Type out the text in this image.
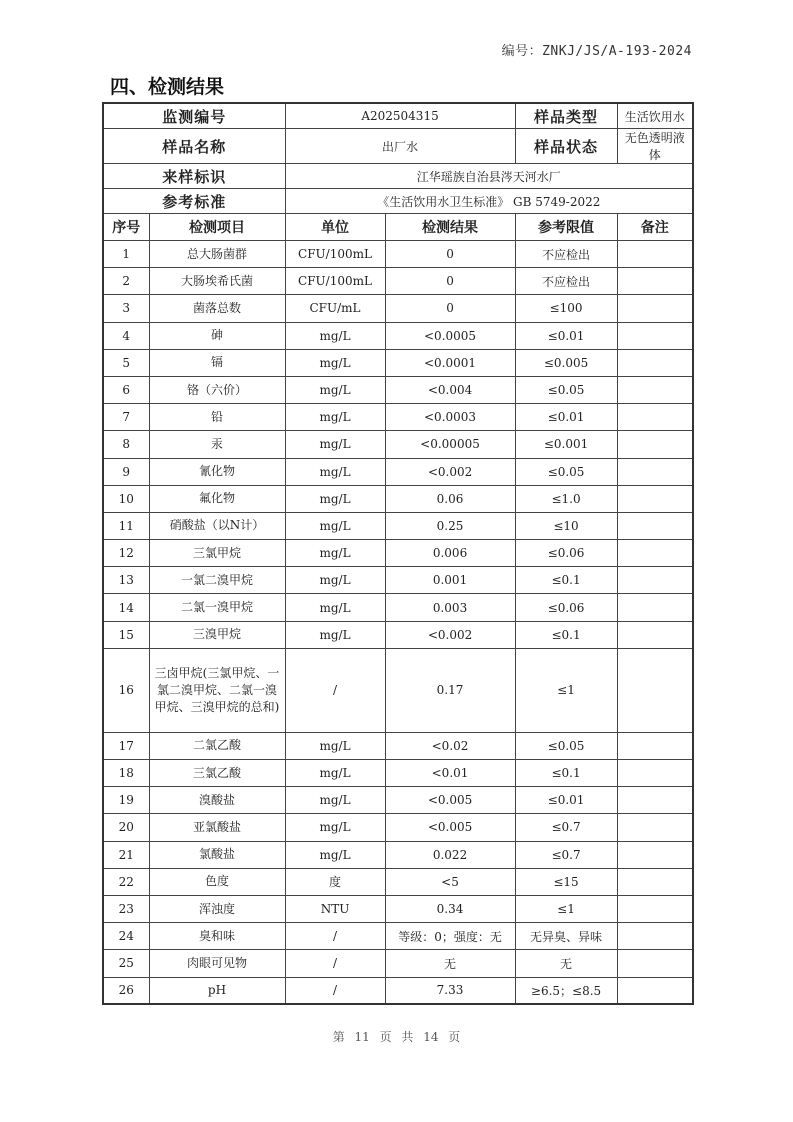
编号：ZNKJ/JS/A-193-2024
四、检测结果
监测编号		A202504315		样品类型	生活饮用水
样品名称		出厂水		样品状态	无色透明液体
来样标识		江华瑶族自治县涔天河水厂			
参考标准		《生活饮用水卫生标准》 GB 5749-2022			
序号	检测项目	单位	检测结果	参考限值	备注
1	总大肠菌群	CFU/100mL	0	不应检出	
2	大肠埃希氏菌	CFU/100mL	0	不应检出	
3	菌落总数	CFU/mL	0	≤100	
4	砷	mg/L	<0.0005	≤0.01	
5	镉	mg/L	<0.0001	≤0.005	
6	铬（六价）	mg/L	<0.004	≤0.05	
7	铅	mg/L	<0.0003	≤0.01	
8	汞	mg/L	<0.00005	≤0.001	
9	氰化物	mg/L	<0.002	≤0.05	
10	氟化物	mg/L	0.06	≤1.0	
11	硝酸盐（以N计）	mg/L	0.25	≤10	
12	三氯甲烷	mg/L	0.006	≤0.06	
13	一氯二溴甲烷	mg/L	0.001	≤0.1	
14	二氯一溴甲烷	mg/L	0.003	≤0.06	
15	三溴甲烷	mg/L	<0.002	≤0.1	
16	三卤甲烷(三氯甲烷、一氯二溴甲烷、二氯一溴甲烷、三溴甲烷的总和)	/	0.17	≤1	
17	二氯乙酸	mg/L	<0.02	≤0.05	
18	三氯乙酸	mg/L	<0.01	≤0.1	
19	溴酸盐	mg/L	<0.005	≤0.01	
20	亚氯酸盐	mg/L	<0.005	≤0.7	
21	氯酸盐	mg/L	0.022	≤0.7	
22	色度	度	<5	≤15	
23	浑浊度	NTU	0.34	≤1	
24	臭和味	/	等级：0；强度：无	无异臭、异味	
25	肉眼可见物	/	无	无	
26	pH	/	7.33	≥6.5；≤8.5	
第 11 页 共 14 页
